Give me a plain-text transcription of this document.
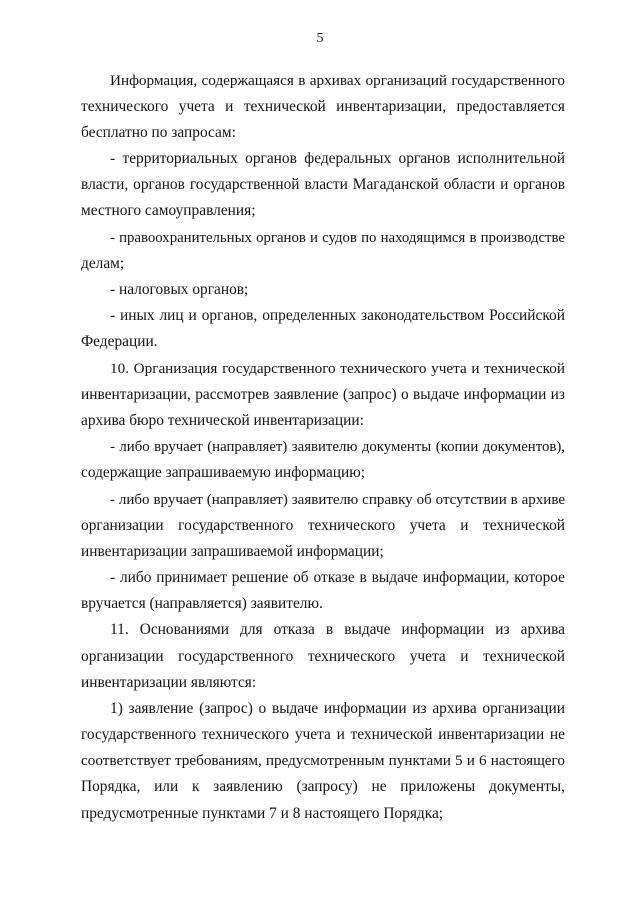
5
Информация, содержащаяся в архивах организаций государственного
технического учета и технической инвентаризации, предоставляется
бесплатно по запросам:
- территориальных органов федеральных органов исполнительной
власти, органов государственной власти Магаданской области и органов
местного самоуправления;
- правоохранительных органов и судов по находящимся в производстве
делам;
- налоговых органов;
- иных лиц и органов, определенных законодательством Российской
Федерации.
10. Организация государственного технического учета и технической
инвентаризации, рассмотрев заявление (запрос) о выдаче информации из
архива бюро технической инвентаризации:
- либо вручает (направляет) заявителю документы (копии документов),
содержащие запрашиваемую информацию;
- либо вручает (направляет) заявителю справку об отсутствии в архиве
организации государственного технического учета и технической
инвентаризации запрашиваемой информации;
- либо принимает решение об отказе в выдаче информации, которое
вручается (направляется) заявителю.
11. Основаниями для отказа в выдаче информации из архива
организации государственного технического учета и технической
инвентаризации являются:
1) заявление (запрос) о выдаче информации из архива организации
государственного технического учета и технической инвентаризации не
соответствует требованиям, предусмотренным пунктами 5 и 6 настоящего
Порядка, или к заявлению (запросу) не приложены документы,
предусмотренные пунктами 7 и 8 настоящего Порядка;
